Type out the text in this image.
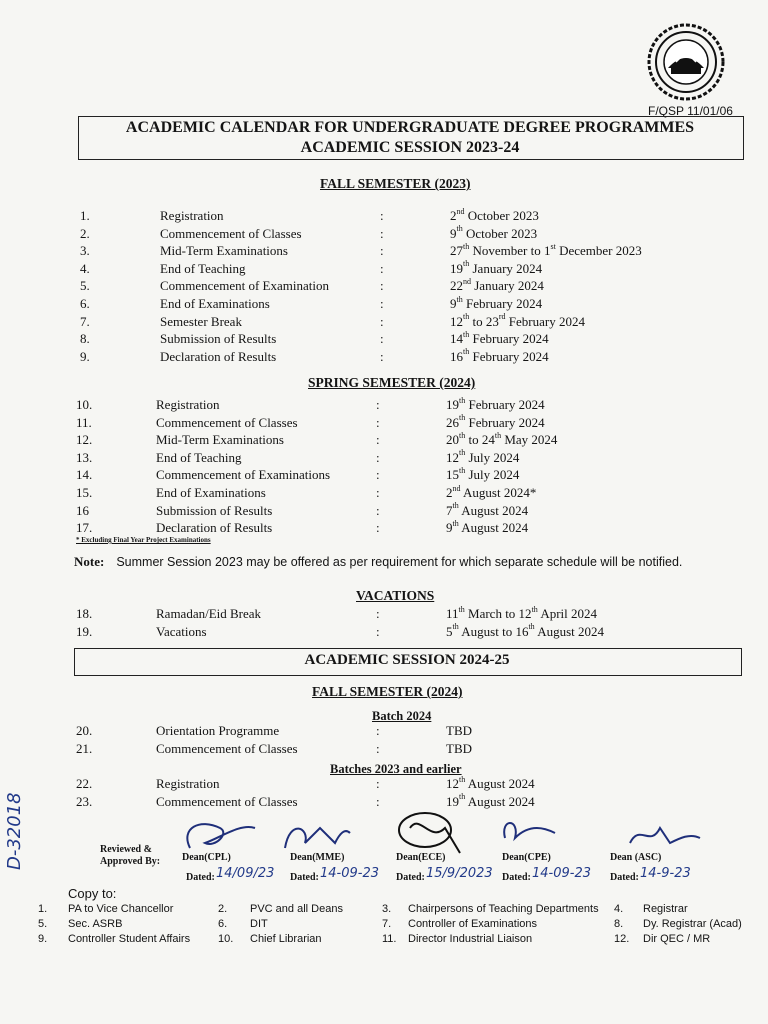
F/QSP 11/01/06
ACADEMIC CALENDAR FOR UNDERGRADUATE DEGREE PROGRAMMES
ACADEMIC SESSION 2023-24
FALL SEMESTER (2023)
1.	Registration	:	2nd October 2023
2.	Commencement of Classes	:	9th October 2023
3.	Mid-Term Examinations	:	27th November to 1st December 2023
4.	End of Teaching	:	19th January 2024
5.	Commencement of Examination	:	22nd January 2024
6.	End of Examinations	:	9th February 2024
7.	Semester Break	:	12th to 23rd February 2024
8.	Submission of Results	:	14th February 2024
9.	Declaration of Results	:	16th February 2024
SPRING SEMESTER (2024)
10.	Registration	:	19th February 2024
11.	Commencement of Classes	:	26th February 2024
12.	Mid-Term Examinations	:	20th to 24th May 2024
13.	End of Teaching	:	12th July 2024
14.	Commencement of Examinations	:	15th July 2024
15.	End of Examinations	:	2nd August 2024*
16	Submission of Results	:	7th August 2024
17.	Declaration of Results	:	9th August 2024
* Excluding Final Year Project Examinations
Note: Summer Session 2023 may be offered as per requirement for which separate schedule will be notified.
VACATIONS
18.	Ramadan/Eid Break	:	11th March to 12th April 2024
19.	Vacations	:	5th August to 16th August 2024
ACADEMIC SESSION 2024-25
FALL SEMESTER (2024)
Batch 2024
20.	Orientation Programme	:	TBD
21.	Commencement of Classes	:	TBD
Batches 2023 and earlier
22.	Registration	:	12th August 2024
23.	Commencement of Classes	:	19th August 2024
D-32018	Reviewed & Approved By:	Dean(CPL)
Dated: 14/09/23
Dean(MME)
Dated: 14-09-23
Dean(ECE)
Dated: 15/9/2023
Dean(CPE)
Dated: 14-09-23
Dean (ASC)
Dated: 14-9-23
Copy to:
1. PA to Vice Chancellor	2. PVC and all Deans	3. Chairpersons of Teaching Departments 4. Registrar
5. Sec. ASRB	6. DIT	7. Controller of Examinations	8. Dy. Registrar (Acad)
9. Controller Student Affairs	10. Chief Librarian	11. Director Industrial Liaison	12. Dir QEC / MR
